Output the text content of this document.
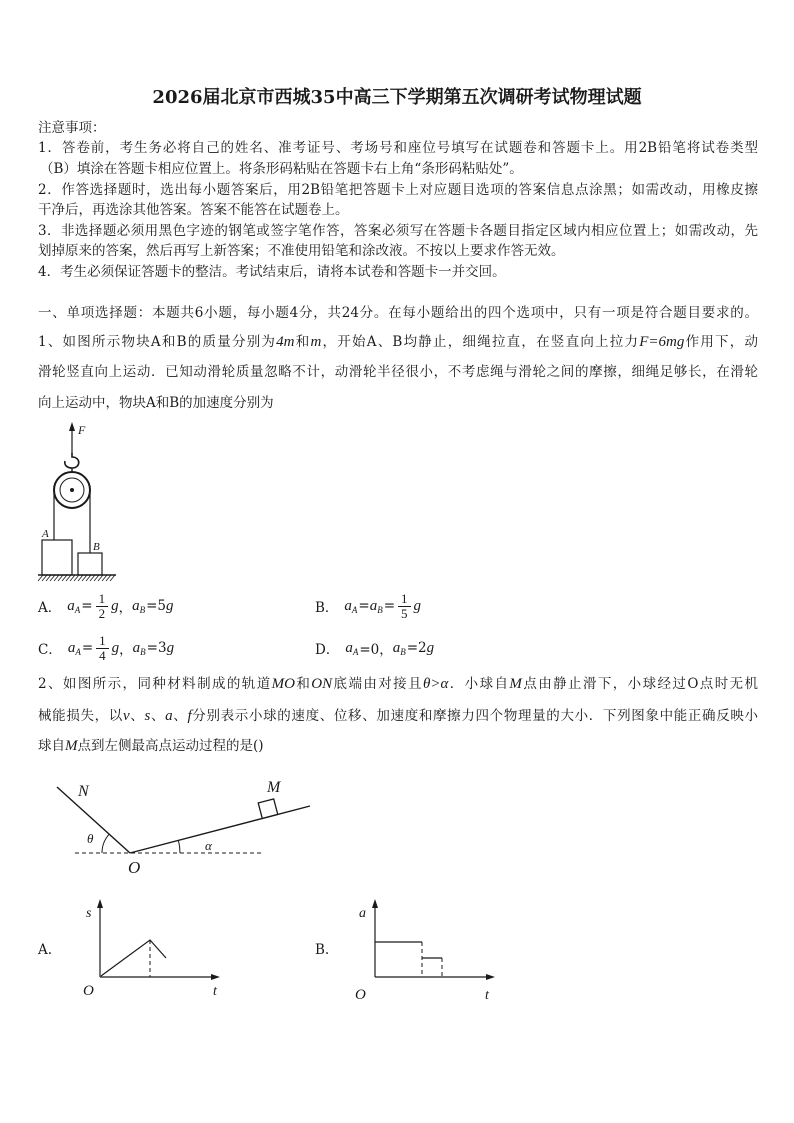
2026届北京市西城35中高三下学期第五次调研考试物理试题
注意事项：
1．答卷前，考生务必将自己的姓名、准考证号、考场号和座位号填写在试题卷和答题卡上。用2B铅笔将试卷类型
（B）填涂在答题卡相应位置上。将条形码粘贴在答题卡右上角“条形码粘贴处”。
2．作答选择题时，选出每小题答案后，用2B铅笔把答题卡上对应题目选项的答案信息点涂黑；如需改动，用橡皮擦
干净后，再选涂其他答案。答案不能答在试题卷上。
3．非选择题必须用黑色字迹的钢笔或签字笔作答，答案必须写在答题卡各题目指定区域内相应位置上；如需改动，先
划掉原来的答案，然后再写上新答案；不准使用铅笔和涂改液。不按以上要求作答无效。
4．考生必须保证答题卡的整洁。考试结束后，请将本试卷和答题卡一并交回。
一、单项选择题：本题共6小题，每小题4分，共24分。在每小题给出的四个选项中，只有一项是符合题目要求的。
1、如图所示物块A和B的质量分别为4m和m，开始A、B均静止，细绳拉直，在竖直向上拉力F=6mg作用下，动
滑轮竖直向上运动．已知动滑轮质量忽略不计，动滑轮半径很小，不考虑绳与滑轮之间的摩擦，细绳足够长，在滑轮
向上运动中，物块A和B的加速度分别为
F
A
B
A． a $A = \frac{1}{2}$ g ， a B =5 g	B． a A = a $B = \frac{1}{5}$ g
C． a $A = \frac{1}{4}$ g ， a B =3 g	D． a A =0， a B =2 g
2、如图所示，同种材料制成的轨道MO和ON底端由对接且θ>α．小球自M点由静止滑下，小球经过O点时无机
械能损失，以v、s、a、f分别表示小球的速度、位移、加速度和摩擦力四个物理量的大小．下列图象中能正确反映小
球自M点到左侧最高点运动过程的是()
N	M
θ	α
O
A.
s
O	t
B.
a
O	t
